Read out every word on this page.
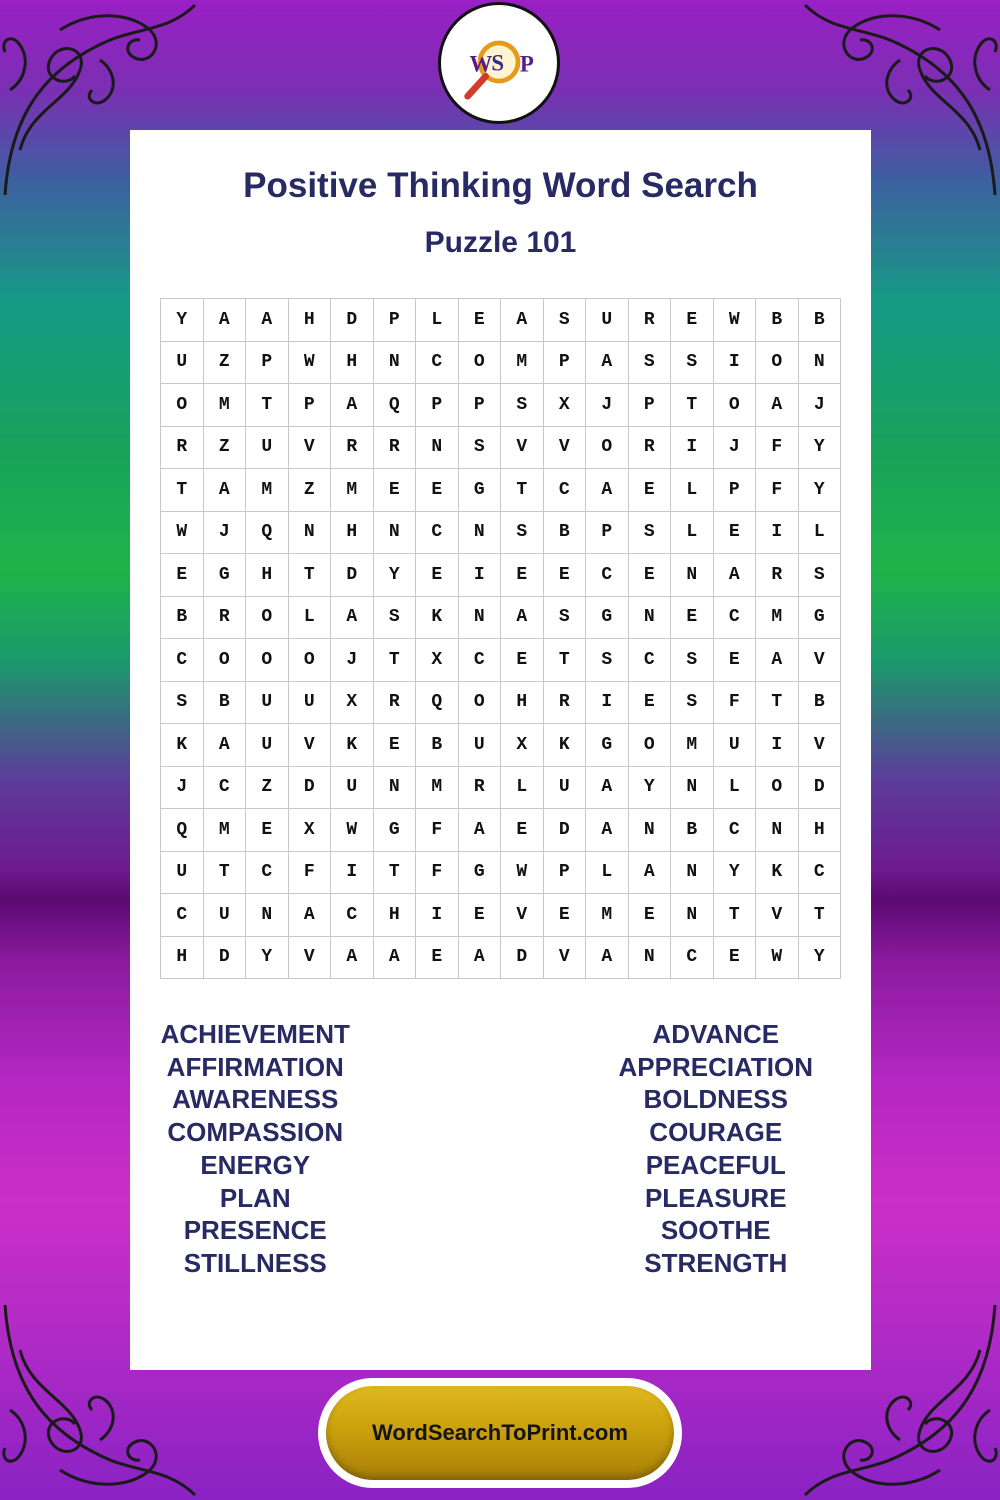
W S P
Positive Thinking Word Search
Puzzle 101
Y	A	A	H	D	P	L	E	A	S	U	R	E	W	B	B
U	Z	P	W	H	N	C	O	M	P	A	S	S	I	O	N
O	M	T	P	A	Q	P	P	S	X	J	P	T	O	A	J
R	Z	U	V	R	R	N	S	V	V	O	R	I	J	F	Y
T	A	M	Z	M	E	E	G	T	C	A	E	L	P	F	Y
W	J	Q	N	H	N	C	N	S	B	P	S	L	E	I	L
E	G	H	T	D	Y	E	I	E	E	C	E	N	A	R	S
B	R	O	L	A	S	K	N	A	S	G	N	E	C	M	G
C	O	O	O	J	T	X	C	E	T	S	C	S	E	A	V
S	B	U	U	X	R	Q	O	H	R	I	E	S	F	T	B
K	A	U	V	K	E	B	U	X	K	G	O	M	U	I	V
J	C	Z	D	U	N	M	R	L	U	A	Y	N	L	O	D
Q	M	E	X	W	G	F	A	E	D	A	N	B	C	N	H
U	T	C	F	I	T	F	G	W	P	L	A	N	Y	K	C
C	U	N	A	C	H	I	E	V	E	M	E	N	T	V	T
H	D	Y	V	A	A	E	A	D	V	A	N	C	E	W	Y
ACHIEVEMENT
AFFIRMATION
AWARENESS
COMPASSION
ENERGY
PLAN
PRESENCE
STILLNESS
ADVANCE
APPRECIATION
BOLDNESS
COURAGE
PEACEFUL
PLEASURE
SOOTHE
STRENGTH
WordSearchToPrint.com
